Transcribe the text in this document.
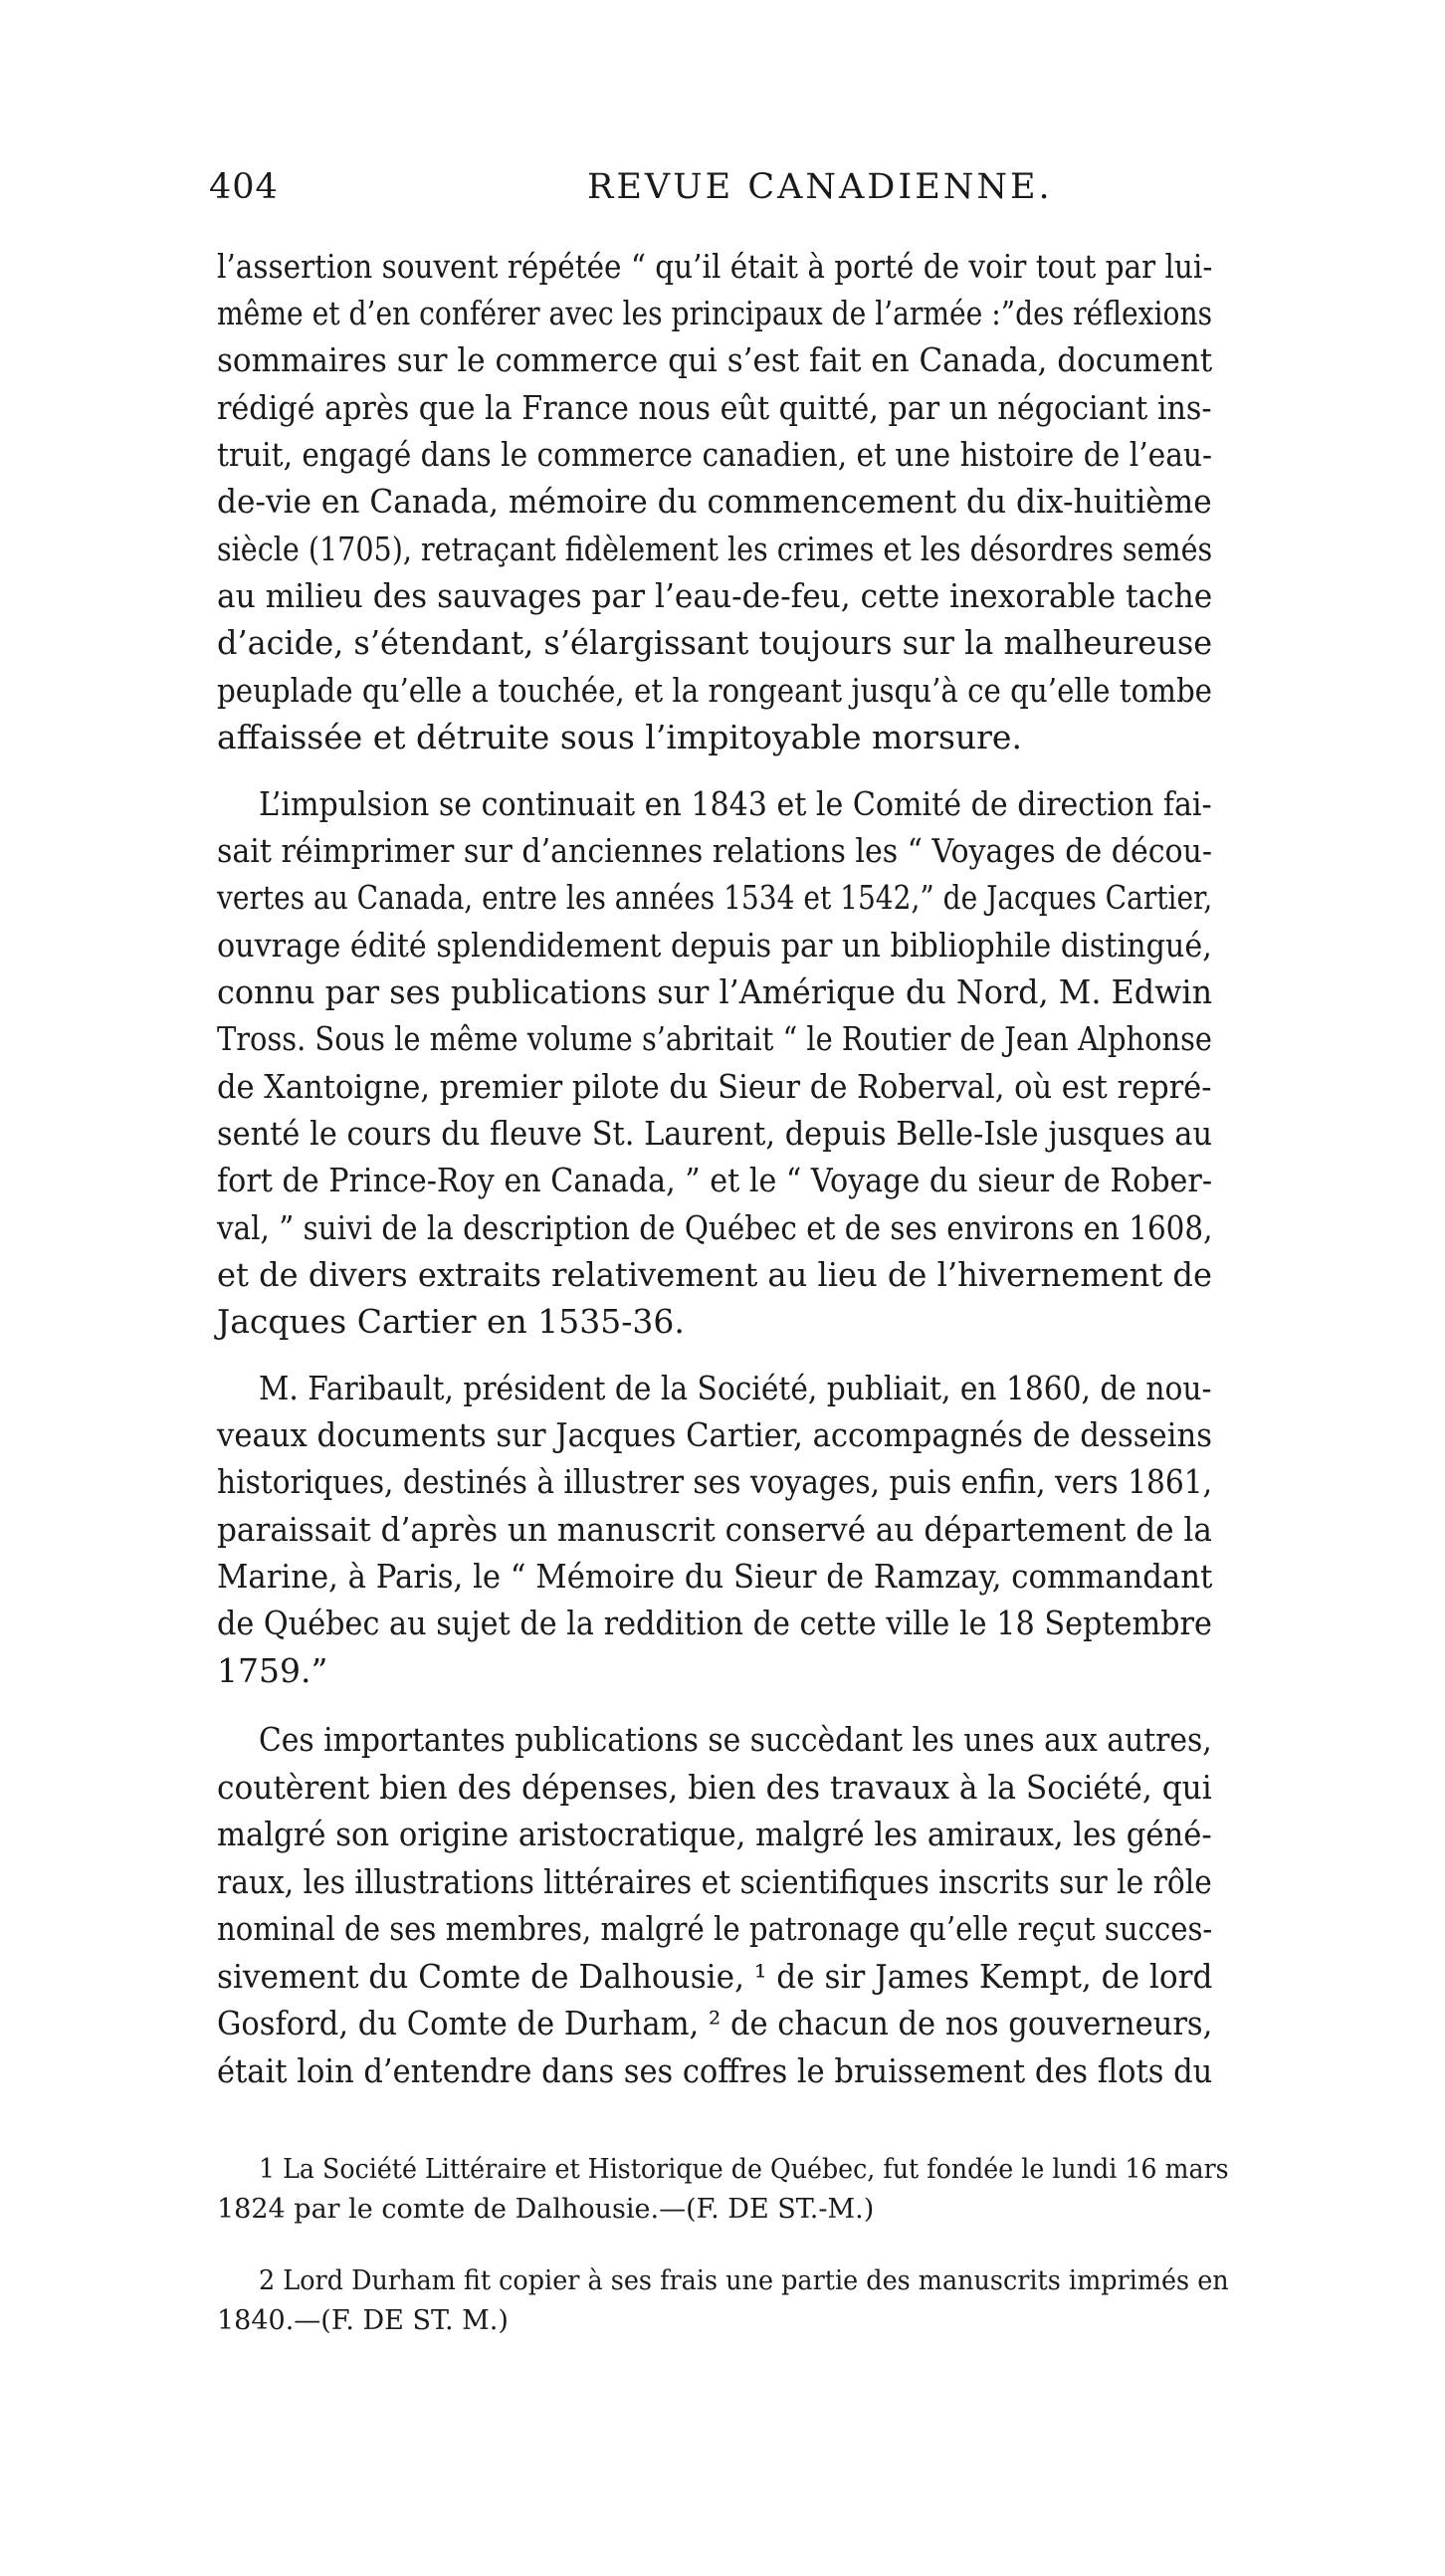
404	REVUE CANADIENNE.
l’assertion souvent répétée “ qu’il était à porté de voir tout par lui-
même et d’en conférer avec les principaux de l’armée :”des réflexions
sommaires sur le commerce qui s’est fait en Canada, document
rédigé après que la France nous eût quitté, par un négociant ins-
truit, engagé dans le commerce canadien, et une histoire de l’eau-
de-vie en Canada, mémoire du commencement du dix-huitième
siècle (1705), retraçant fidèlement les crimes et les désordres semés
au milieu des sauvages par l’eau-de-feu, cette inexorable tache
d’acide, s’étendant, s’élargissant toujours sur la malheureuse
peuplade qu’elle a touchée, et la rongeant jusqu’à ce qu’elle tombe
affaissée et détruite sous l’impitoyable morsure.
L’impulsion se continuait en 1843 et le Comité de direction fai-
sait réimprimer sur d’anciennes relations les “ Voyages de décou-
vertes au Canada, entre les années 1534 et 1542,” de Jacques Cartier,
ouvrage édité splendidement depuis par un bibliophile distingué,
connu par ses publications sur l’Amérique du Nord, M. Edwin
Tross. Sous le même volume s’abritait “ le Routier de Jean Alphonse
de Xantoigne, premier pilote du Sieur de Roberval, où est repré-
senté le cours du fleuve St. Laurent, depuis Belle-Isle jusques au
fort de Prince-Roy en Canada, ” et le “ Voyage du sieur de Rober-
val, ” suivi de la description de Québec et de ses environs en 1608,
et de divers extraits relativement au lieu de l’hivernement de
Jacques Cartier en 1535-36.
M. Faribault, président de la Société, publiait, en 1860, de nou-
veaux documents sur Jacques Cartier, accompagnés de desseins
historiques, destinés à illustrer ses voyages, puis enfin, vers 1861,
paraissait d’après un manuscrit conservé au département de la
Marine, à Paris, le “ Mémoire du Sieur de Ramzay, commandant
de Québec au sujet de la reddition de cette ville le 18 Septembre
1759.”
Ces importantes publications se succèdant les unes aux autres,
coutèrent bien des dépenses, bien des travaux à la Société, qui
malgré son origine aristocratique, malgré les amiraux, les géné-
raux, les illustrations littéraires et scientifiques inscrits sur le rôle
nominal de ses membres, malgré le patronage qu’elle reçut succes-
sivement du Comte de Dalhousie, ¹ de sir James Kempt, de lord
Gosford, du Comte de Durham, ² de chacun de nos gouverneurs,
était loin d’entendre dans ses coffres le bruissement des flots du
1 La Société Littéraire et Historique de Québec, fut fondée le lundi 16 mars
1824 par le comte de Dalhousie.—(F. DE ST.-M.)
2 Lord Durham fit copier à ses frais une partie des manuscrits imprimés en
1840.—(F. DE ST. M.)
